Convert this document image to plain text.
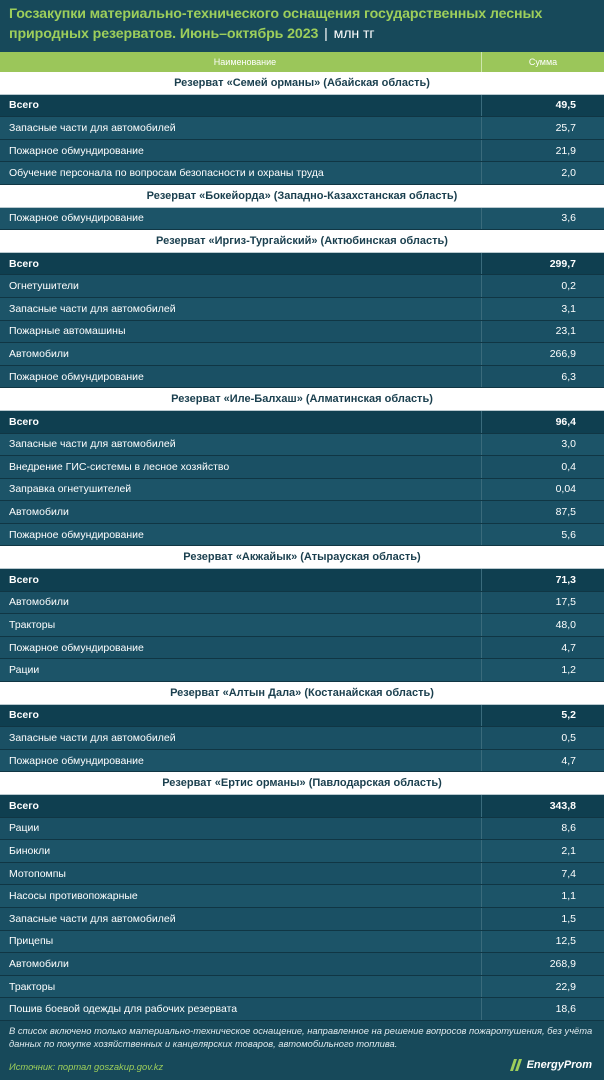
Госзакупки материально-технического оснащения государственных лесных природных резерватов. Июнь–октябрь 2023 | млн тг
Наименование	Сумма
Резерват «Семей орманы» (Абайская область)
Всего	49,5
Запасные части для автомобилей	25,7
Пожарное обмундирование	21,9
Обучение персонала по вопросам безопасности и охраны труда	2,0
Резерват «Бокейорда» (Западно-Казахстанская область)
Пожарное обмундирование	3,6
Резерват «Иргиз-Тургайский» (Актюбинская область)
Всего	299,7
Огнетушители	0,2
Запасные части для автомобилей	3,1
Пожарные автомашины	23,1
Автомобили	266,9
Пожарное обмундирование	6,3
Резерват «Иле-Балхаш» (Алматинская область)
Всего	96,4
Запасные части для автомобилей	3,0
Внедрение ГИС-системы в лесное хозяйство	0,4
Заправка огнетушителей	0,04
Автомобили	87,5
Пожарное обмундирование	5,6
Резерват «Акжайык» (Атырауская область)
Всего	71,3
Автомобили	17,5
Тракторы	48,0
Пожарное обмундирование	4,7
Рации	1,2
Резерват «Алтын Дала» (Костанайская область)
Всего	5,2
Запасные части для автомобилей	0,5
Пожарное обмундирование	4,7
Резерват «Ертис орманы» (Павлодарская область)
Всего	343,8
Рации	8,6
Бинокли	2,1
Мотопомпы	7,4
Насосы противопожарные	1,1
Запасные части для автомобилей	1,5
Прицепы	12,5
Автомобили	268,9
Тракторы	22,9
Пошив боевой одежды для рабочих резервата	18,6
В список включено только материально-техническое оснащение, направленное на решение вопросов пожаротушения, без учёта данных по покупке хозяйственных и канцелярских товаров, автомобильного топлива.
Источник: портал goszakup.gov.kz	EnergyProm
